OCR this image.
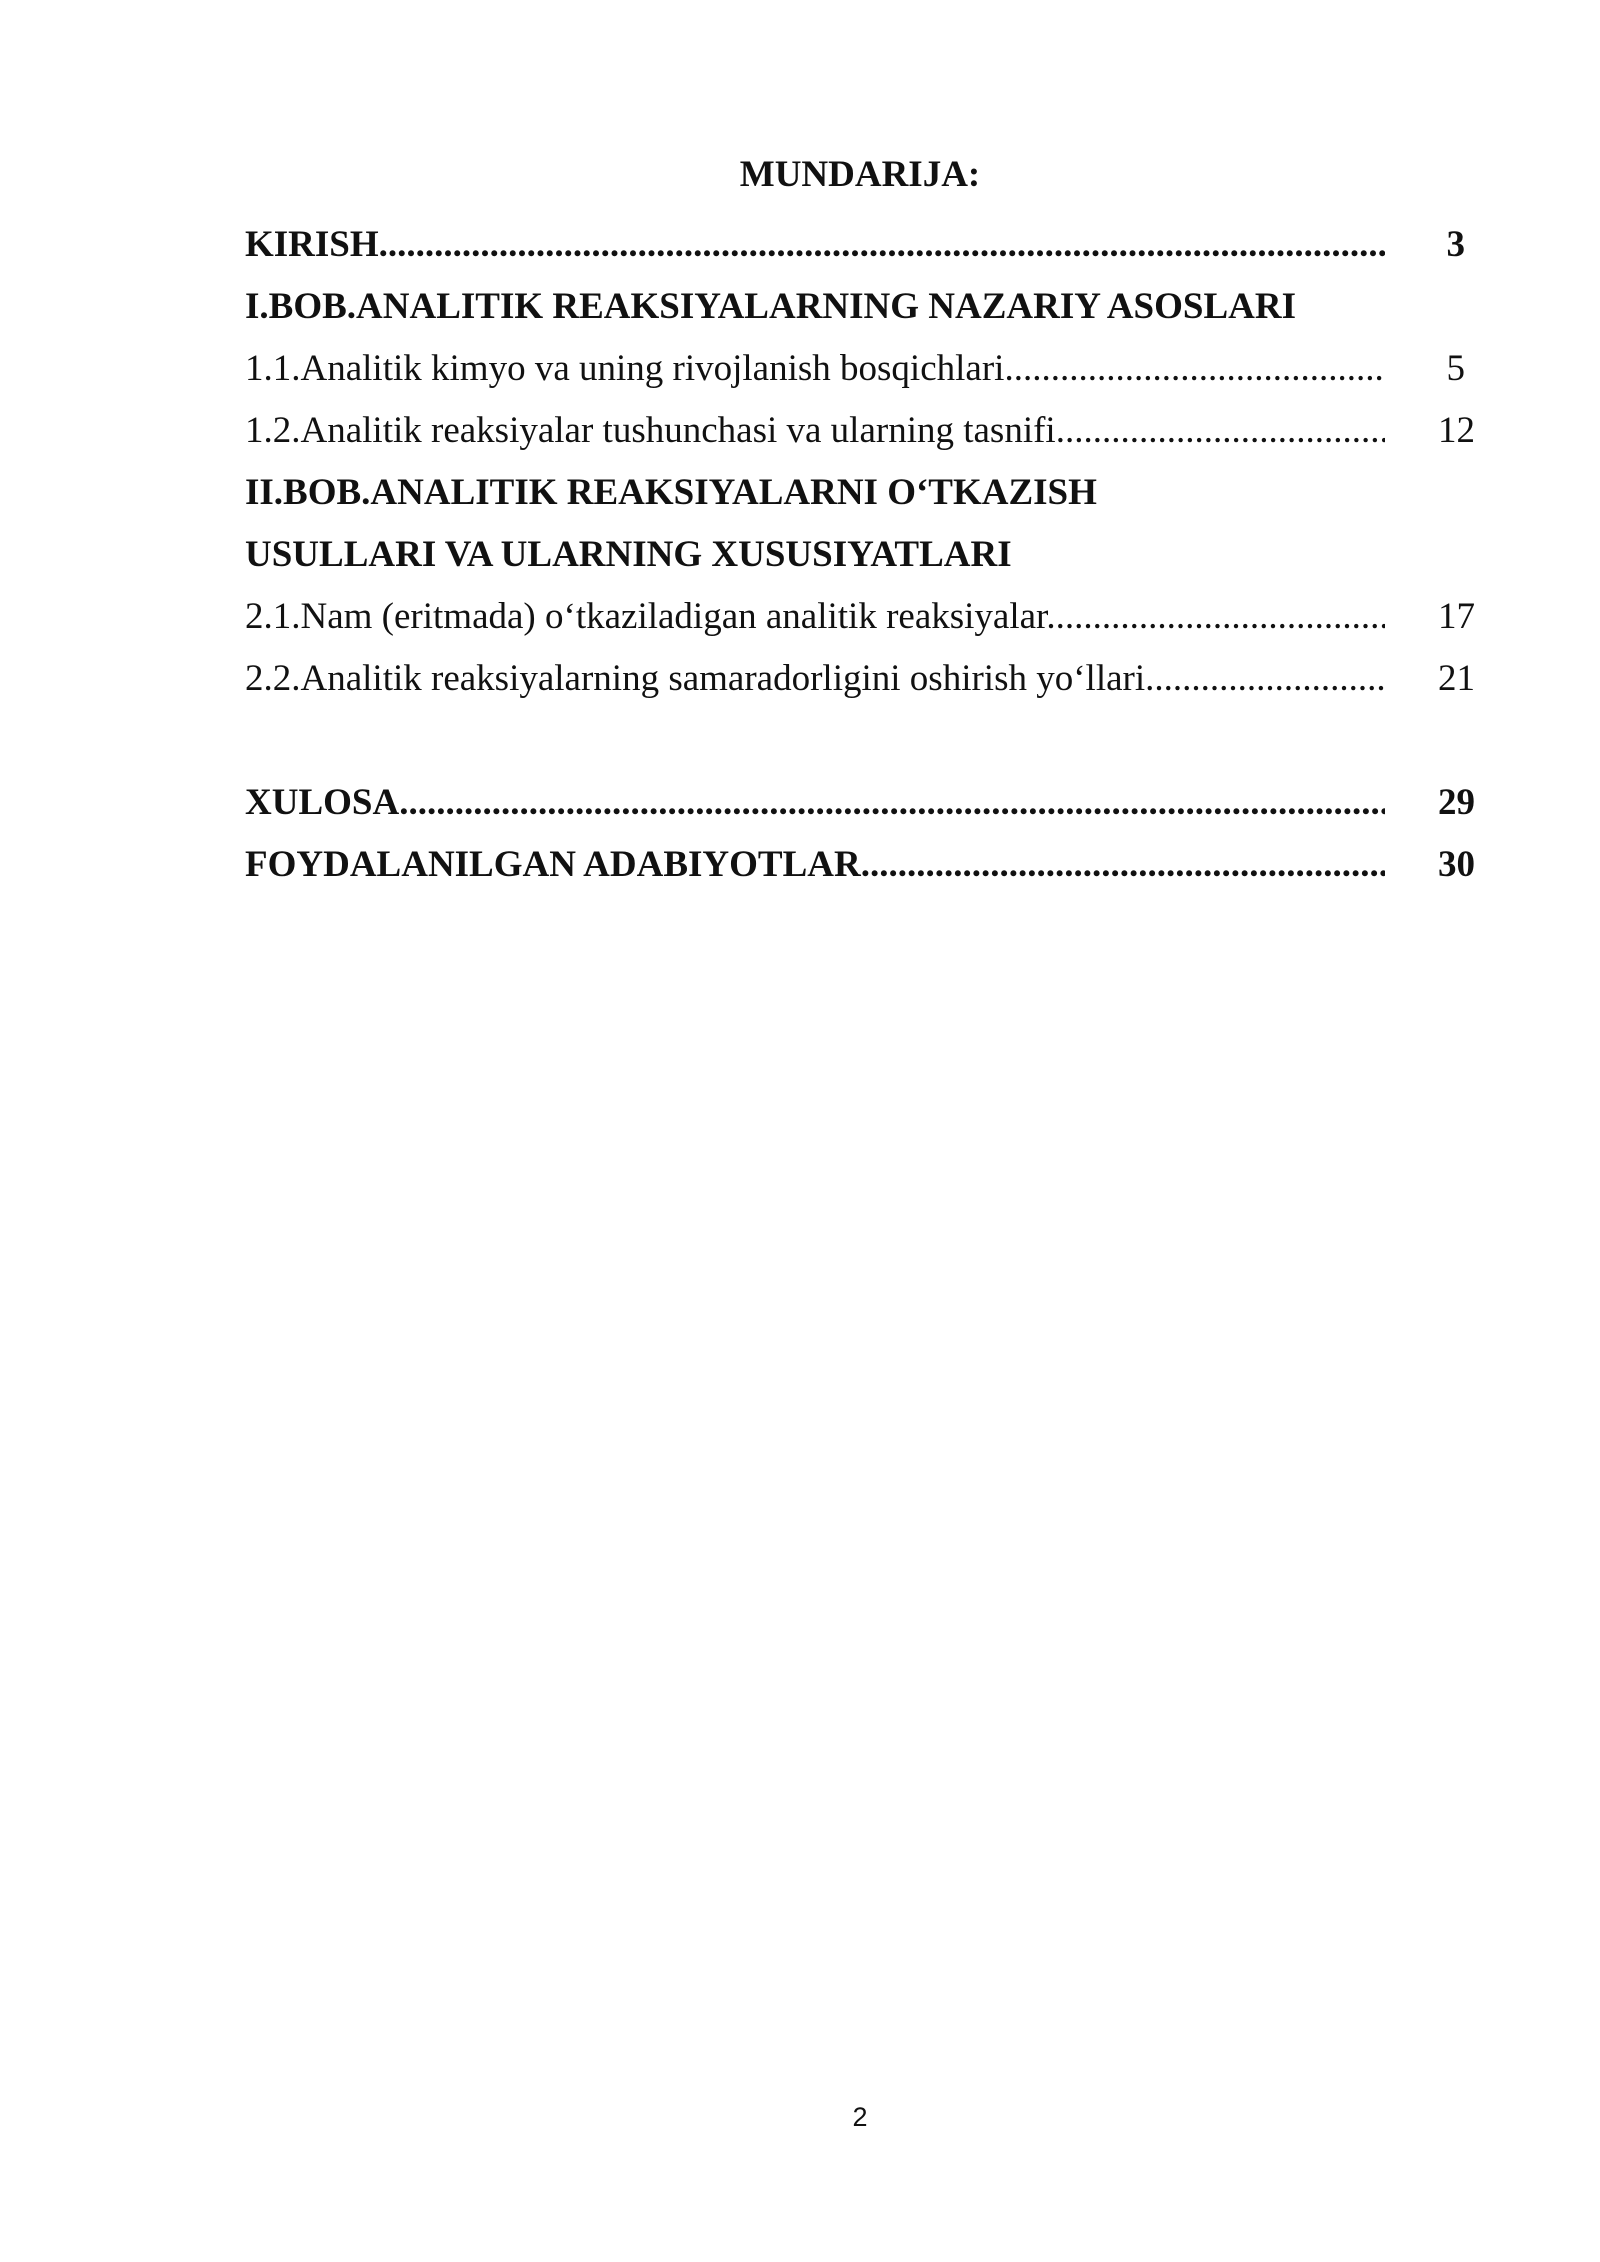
MUNDARIJA:
KIRISH .....	3
I.BOB.ANALITIK REAKSIYALARNING NAZARIY ASOSLARI
1.1.Analitik kimyo va uning rivojlanish bosqichlari .....	5
1.2.Analitik reaksiyalar tushunchasi va ularning tasnifi .....	12
II.BOB.ANALITIK REAKSIYALARNI O‘TKAZISH
USULLARI VA ULARNING XUSUSIYATLARI
2.1.Nam (eritmada) o‘tkaziladigan analitik reaksiyalar .....	17
2.2.Analitik reaksiyalarning samaradorligini oshirish yo‘llari .....	21
XULOSA .....	29
FOYDALANILGAN ADABIYOTLAR .....	30
2
